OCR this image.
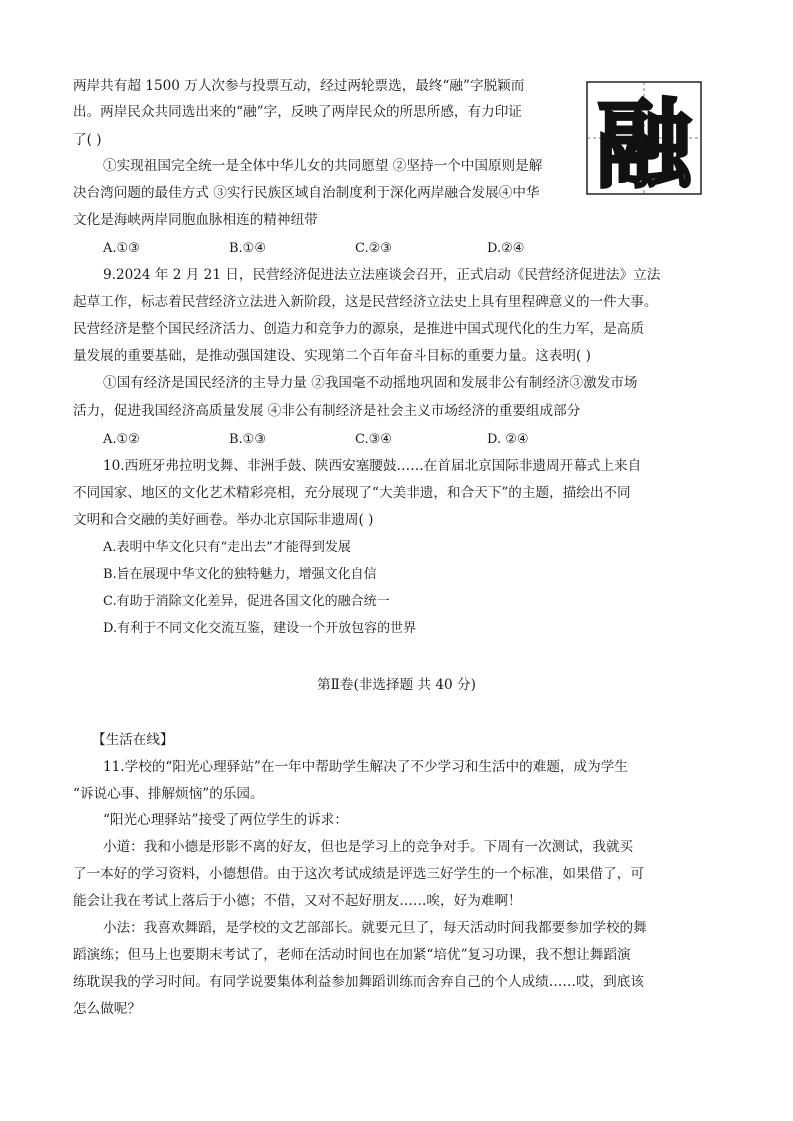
两岸共有超 1500 万人次参与投票互动，经过两轮票选，最终“融”字脱颖而
出。两岸民众共同选出来的“融”字，反映了两岸民众的所思所感，有力印证
了( )	融
①实现祖国完全统一是全体中华儿女的共同愿望 ②坚持一个中国原则是解
决台湾问题的最佳方式 ③实行民族区域自治制度利于深化两岸融合发展④中华
文化是海峡两岸同胞血脉相连的精神纽带
A.①③	B.①④	C.②③	D.②④
9.2024 年 2 月 21 日，民营经济促进法立法座谈会召开，正式启动《民营经济促进法》立法
起草工作，标志着民营经济立法进入新阶段，这是民营经济立法史上具有里程碑意义的一件大事。
民营经济是整个国民经济活力、创造力和竞争力的源泉，是推进中国式现代化的生力军，是高质
量发展的重要基础，是推动强国建设、实现第二个百年奋斗目标的重要力量。这表明( )
①国有经济是国民经济的主导力量 ②我国毫不动摇地巩固和发展非公有制经济③激发市场
活力，促进我国经济高质量发展 ④非公有制经济是社会主义市场经济的重要组成部分
A.①②	B.①③	C.③④	D. ②④
10.西班牙弗拉明戈舞、非洲手鼓、陕西安塞腰鼓……在首届北京国际非遗周开幕式上来自
不同国家、地区的文化艺术精彩亮相，充分展现了“大美非遗，和合天下”的主题，描绘出不同
文明和合交融的美好画卷。举办北京国际非遗周( )
A.表明中华文化只有“走出去”才能得到发展
B.旨在展现中华文化的独特魅力，增强文化自信
C.有助于消除文化差异，促进各国文化的融合统一
D.有利于不同文化交流互鉴，建设一个开放包容的世界
第Ⅱ卷(非选择题 共 40 分)
【生活在线】
11.学校的“阳光心理驿站”在一年中帮助学生解决了不少学习和生活中的难题，成为学生
“诉说心事、排解烦恼”的乐园。
“阳光心理驿站”接受了两位学生的诉求：
小道：我和小德是形影不离的好友，但也是学习上的竞争对手。下周有一次测试，我就买
了一本好的学习资料，小德想借。由于这次考试成绩是评选三好学生的一个标准，如果借了，可
能会让我在考试上落后于小德；不借，又对不起好朋友……唉，好为难啊！
小法：我喜欢舞蹈，是学校的文艺部部长。就要元旦了，每天活动时间我都要参加学校的舞
蹈演练；但马上也要期末考试了，老师在活动时间也在加紧“培优”复习功课，我不想让舞蹈演
练耽误我的学习时间。有同学说要集体利益参加舞蹈训练而舍弃自己的个人成绩……哎，到底该
怎么做呢？
